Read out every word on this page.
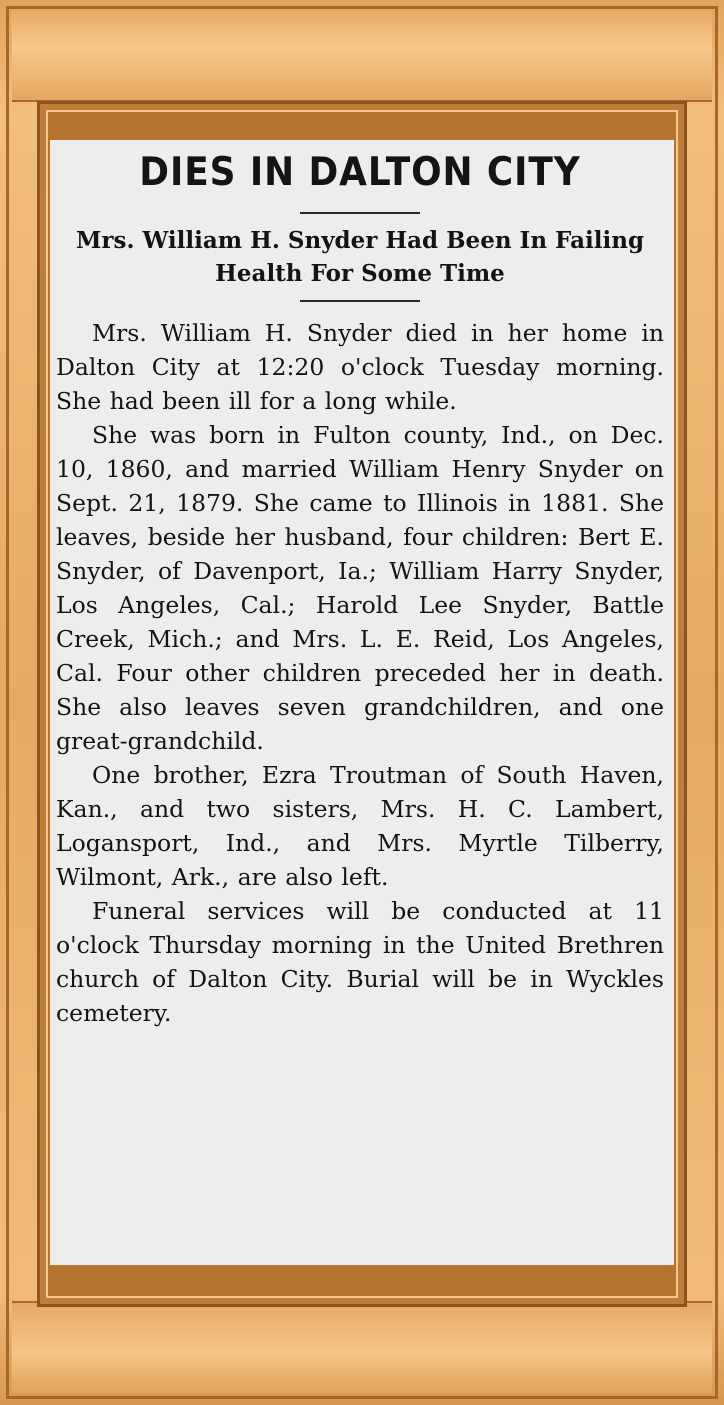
DIES IN DALTON CITY
Mrs. William H. Snyder Had Been In Failing Health For Some Time

Mrs. William H. Snyder died in her home in Dalton City at 12:20 o'clock Tuesday morning. She had been ill for a long while.

She was born in Fulton county, Ind., on Dec. 10, 1860, and married William Henry Snyder on Sept. 21, 1879. She came to Illinois in 1881. She leaves, beside her husband, four children: Bert E. Snyder, of Davenport, Ia.; William Harry Snyder, Los Angeles, Cal.; Harold Lee Snyder, Battle Creek, Mich.; and Mrs. L. E. Reid, Los Angeles, Cal. Four other children preceded her in death. She also leaves seven grandchildren, and one great-grandchild.

One brother, Ezra Troutman of South Haven, Kan., and two sisters, Mrs. H. C. Lambert, Logansport, Ind., and Mrs. Myrtle Tilberry, Wilmont, Ark., are also left.

Funeral services will be conducted at 11 o'clock Thursday morning in the United Brethren church of Dalton City. Burial will be in Wyckles cemetery.
